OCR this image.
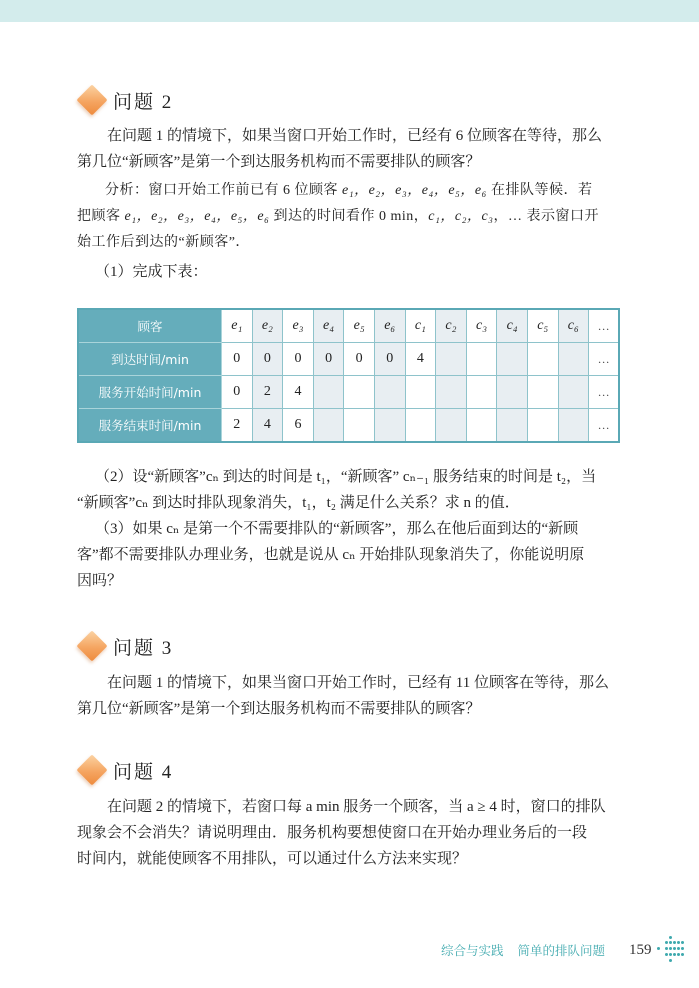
问题 2

在问题 1 的情境下，如果当窗口开始工作时，已经有 6 位顾客在等待，那么

第几位“新顾客”是第一个到达服务机构而不需要排队的顾客？

分析：窗口开始工作前已有 6 位顾客 e₁，e₂，e₃，e₄，e₅，e₆ 在排队等候．若

把顾客 e₁，e₂，e₃，e₄，e₅，e₆ 到达的时间看作 0 min，c₁，c₂，c₃，… 表示窗口开

始工作后到达的“新顾客”．

（1）完成下表：

顾客	e₁	e₂	e₃	e₄	e₅	e₆	c₁	c₂	c₃	c₄	c₅	c₆	…
到达时间/min	0	0	0	0	0	0	4						…
服务开始时间/min	0	2	4										…
服务结束时间/min	2	4	6										…

（2）设“新顾客”cₙ 到达的时间是 t₁，“新顾客” cₙ₋₁ 服务结束的时间是 t₂，当

“新顾客”cₙ 到达时排队现象消失，t₁，t₂ 满足什么关系？求 n 的值．

（3）如果 cₙ 是第一个不需要排队的“新顾客”，那么在他后面到达的“新顾

客”都不需要排队办理业务，也就是说从 cₙ 开始排队现象消失了，你能说明原

因吗？

问题 3

在问题 1 的情境下，如果当窗口开始工作时，已经有 11 位顾客在等待，那么

第几位“新顾客”是第一个到达服务机构而不需要排队的顾客？

问题 4

在问题 2 的情境下，若窗口每 a min 服务一个顾客，当 a ≥ 4 时，窗口的排队

现象会不会消失？请说明理由．服务机构要想使窗口在开始办理业务后的一段

时间内，就能使顾客不用排队，可以通过什么方法来实现？

综合与实践 简单的排队问题 159
